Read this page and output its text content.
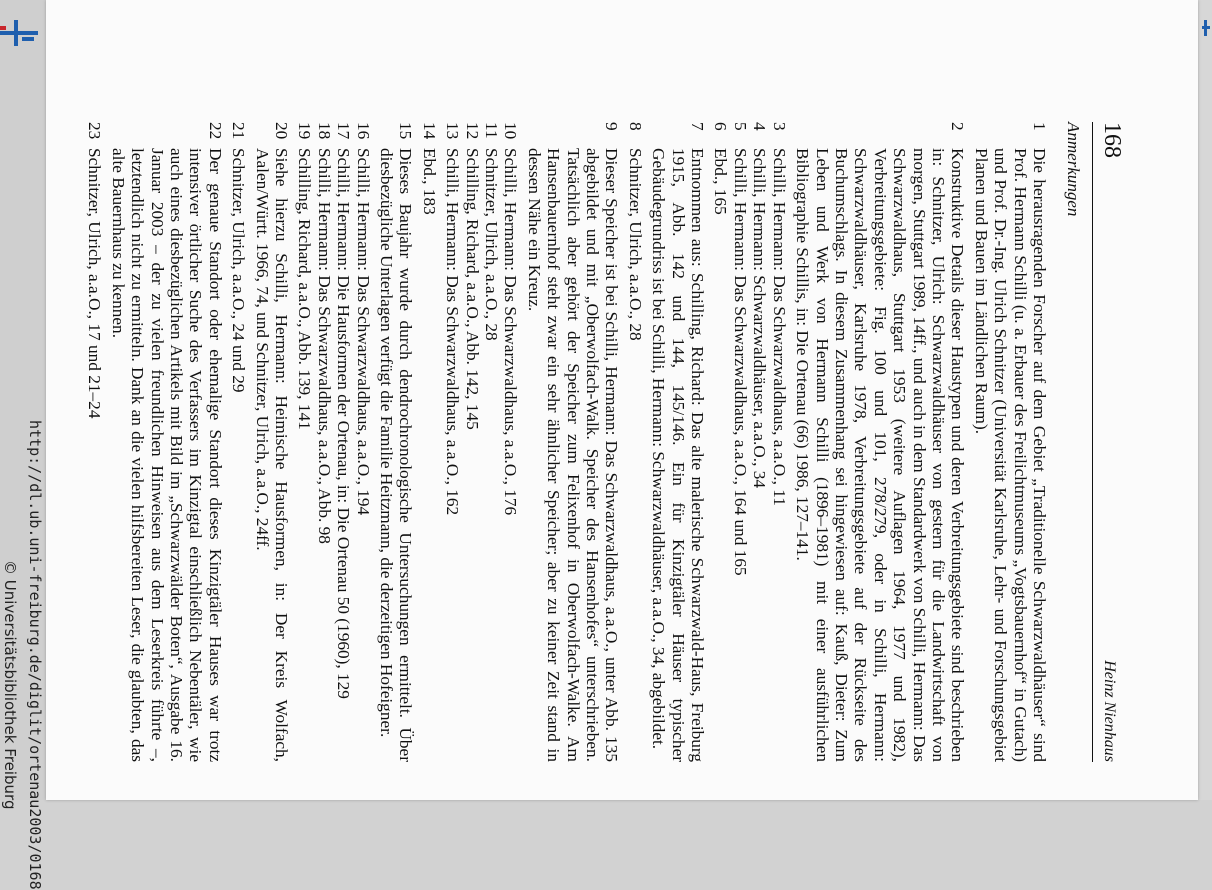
http://dl.ub.uni-freiburg.de/diglit/ortenau2003/0168
© Universitätsbibliothek Freiburg
168
Heinz Nienhaus
Anmerkungen
1
Die herausragenden Forscher auf dem Gebiet „Traditionelle Schwarzwaldhäuser“ sind Prof. Hermann Schilli (u. a. Erbauer des Freilichtmuseums „Vogtsbauernhof“ in Gutach) und Prof. Dr.-Ing. Ulrich Schnitzer (Universität Karlsruhe, Lehr- und Forschungsgebiet Planen und Bauen im Ländlichen Raum).
2
Konstruktive Details dieser Haustypen und deren Verbreitungsgebiete sind beschrieben in: Schnitzer, Ulrich: Schwarzwaldhäuser von gestern für die Landwirtschaft von morgen, Stuttgart 1989, 14ff., und auch in dem Standardwerk von Schilli, Hermann: Das Schwarzwaldhaus, Stuttgart 1953 (weitere Auflagen 1964, 1977 und 1982), Verbreitungsgebiete: Fig. 100 und 101, 278/279, oder in Schilli, Hermann: Schwarzwaldhäuser, Karlsruhe 1978, Verbreitungsgebiete auf der Rückseite des Buchumschlags. In diesem Zusammenhang sei hingewiesen auf: Kauß, Dieter: Zum Leben und Werk von Hermann Schilli (1896–1981) mit einer ausführlichen Bibliographie Schillis, in: Die Ortenau (66) 1986, 127–141.
3
Schilli, Hermann: Das Schwarzwaldhaus, a.a.O., 11
4
Schilli, Hermann: Schwarzwaldhäuser, a.a.O., 34
5
Schilli, Hermann: Das Schwarzwaldhaus, a.a.O., 164 und 165
6
Ebd., 165
7
Entnommen aus: Schilling, Richard: Das alte malerische Schwarzwald-Haus, Freiburg 1915, Abb. 142 und 144, 145/146. Ein für Kinzigtäler Häuser typischer Gebäudegrundriss ist bei Schilli, Hermann: Schwarzwaldhäuser, a.a.O., 34, abgebildet.
8
Schnitzer, Ulrich, a.a.O., 28
9
Dieser Speicher ist bei Schilli, Hermann: Das Schwarzwaldhaus, a.a.O., unter Abb. 135 abgebildet und mit „Oberwolfach-Walk. Speicher des Hansenhofes“ unterschrieben. Tatsächlich aber gehört der Speicher zum Felixenhof in Oberwolfach-Walke. Am Hansenbauernhof steht zwar ein sehr ähnlicher Speicher; aber zu keiner Zeit stand in dessen Nähe ein Kreuz.
10
Schilli, Hermann: Das Schwarzwaldhaus, a.a.O., 176
11
Schnitzer, Ulrich, a.a.O., 28
12
Schilling, Richard, a.a.O., Abb. 142, 145
13
Schilli, Hermann: Das Schwarzwaldhaus, a.a.O., 162
14
Ebd., 183
15
Dieses Baujahr wurde durch dendrochronologische Untersuchungen ermittelt. Über diesbezügliche Unterlagen verfügt die Familie Heitzmann, die derzeitigen Hofeigner.
16
Schilli, Hermann: Das Schwarzwaldhaus, a.a.O., 194
17
Schilli, Hermann: Die Hausformen der Ortenau, in: Die Ortenau 50 (1960), 129
18
Schilli, Hermann: Das Schwarzwaldhaus, a.a.O., Abb. 98
19
Schilling, Richard, a.a.O., Abb. 139, 141
20
Siehe hierzu Schilli, Hermann: Heimische Hausformen, in: Der Kreis Wolfach, Aalen/Württ. 1966, 74, und Schnitzer, Ulrich, a.a.O., 24ff.
21
Schnitzer, Ulrich, a.a.O., 24 und 29
22
Der genaue Standort oder ehemalige Standort dieses Kinzigtäler Hauses war trotz intensiver örtlicher Suche des Verfassers im Kinzigtal einschließlich Nebentäler, wie auch eines diesbezüglichen Artikels mit Bild im „Schwarzwälder Boten“, Ausgabe 16. Januar 2003 – der zu vielen freundlichen Hinweisen aus dem Leserkreis führte –, letztendlich nicht zu ermitteln. Dank an die vielen hilfsbereiten Leser, die glaubten, das alte Bauernhaus zu kennen.
23
Schnitzer, Ulrich, a.a.O., 17 und 21–24
